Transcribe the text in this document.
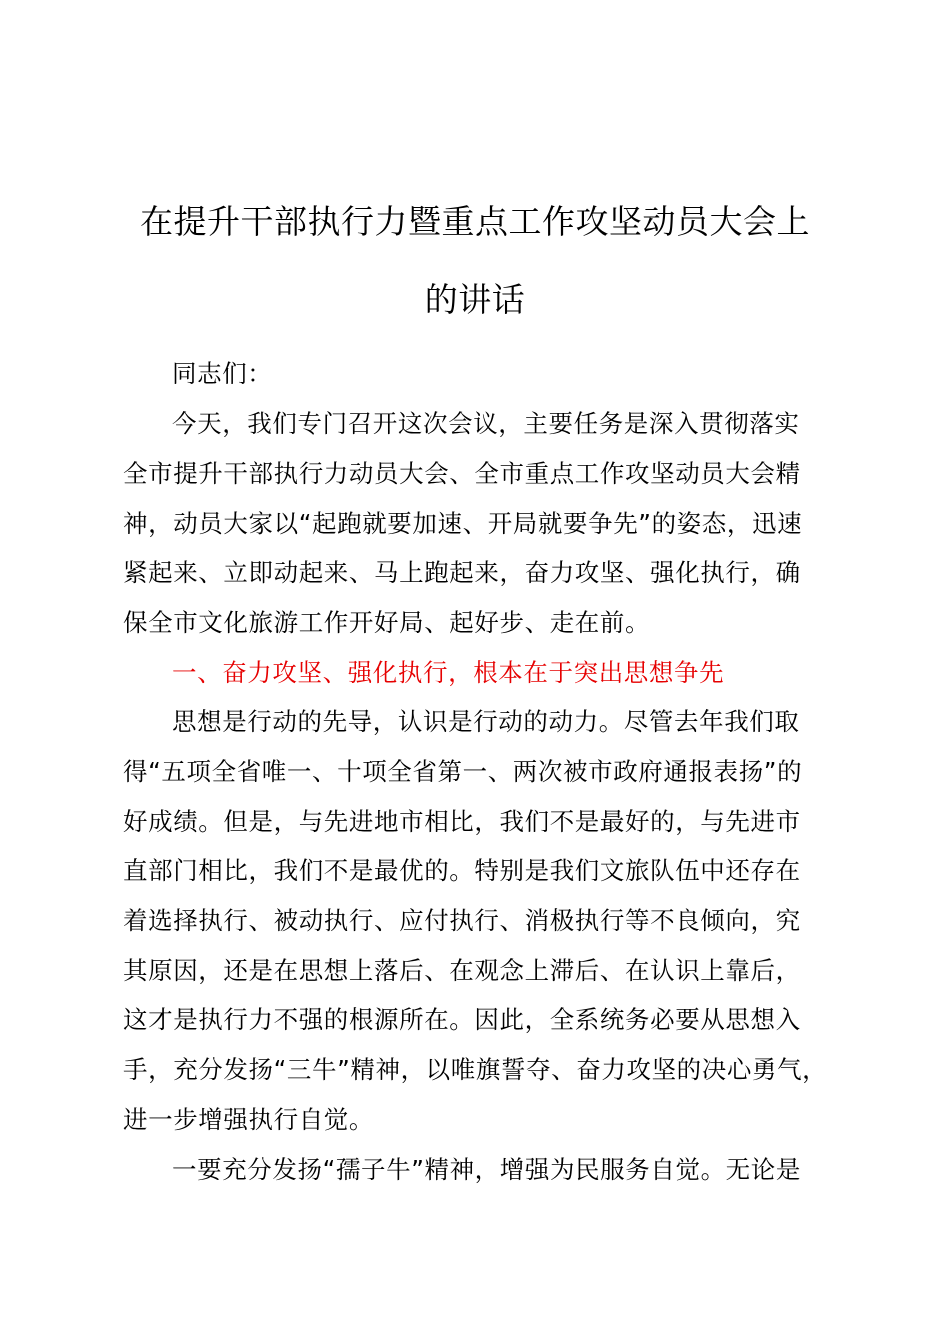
在提升干部执行力暨重点工作攻坚动员大会上
的讲话
同志们：
今天，我们专门召开这次会议，主要任务是深入贯彻落实
全市提升干部执行力动员大会、全市重点工作攻坚动员大会精
神，动员大家以“起跑就要加速、开局就要争先”的姿态，迅速
紧起来、立即动起来、马上跑起来，奋力攻坚、强化执行，确
保全市文化旅游工作开好局、起好步、走在前。
一、奋力攻坚、强化执行，根本在于突出思想争先
思想是行动的先导，认识是行动的动力。尽管去年我们取
得“五项全省唯一、十项全省第一、两次被市政府通报表扬”的
好成绩。但是，与先进地市相比，我们不是最好的，与先进市
直部门相比，我们不是最优的。特别是我们文旅队伍中还存在
着选择执行、被动执行、应付执行、消极执行等不良倾向，究
其原因，还是在思想上落后、在观念上滞后、在认识上靠后，
这才是执行力不强的根源所在。因此，全系统务必要从思想入
手，充分发扬“三牛”精神，以唯旗誓夺、奋力攻坚的决心勇气，
进一步增强执行自觉。
一要充分发扬“孺子牛”精神，增强为民服务自觉。无论是
